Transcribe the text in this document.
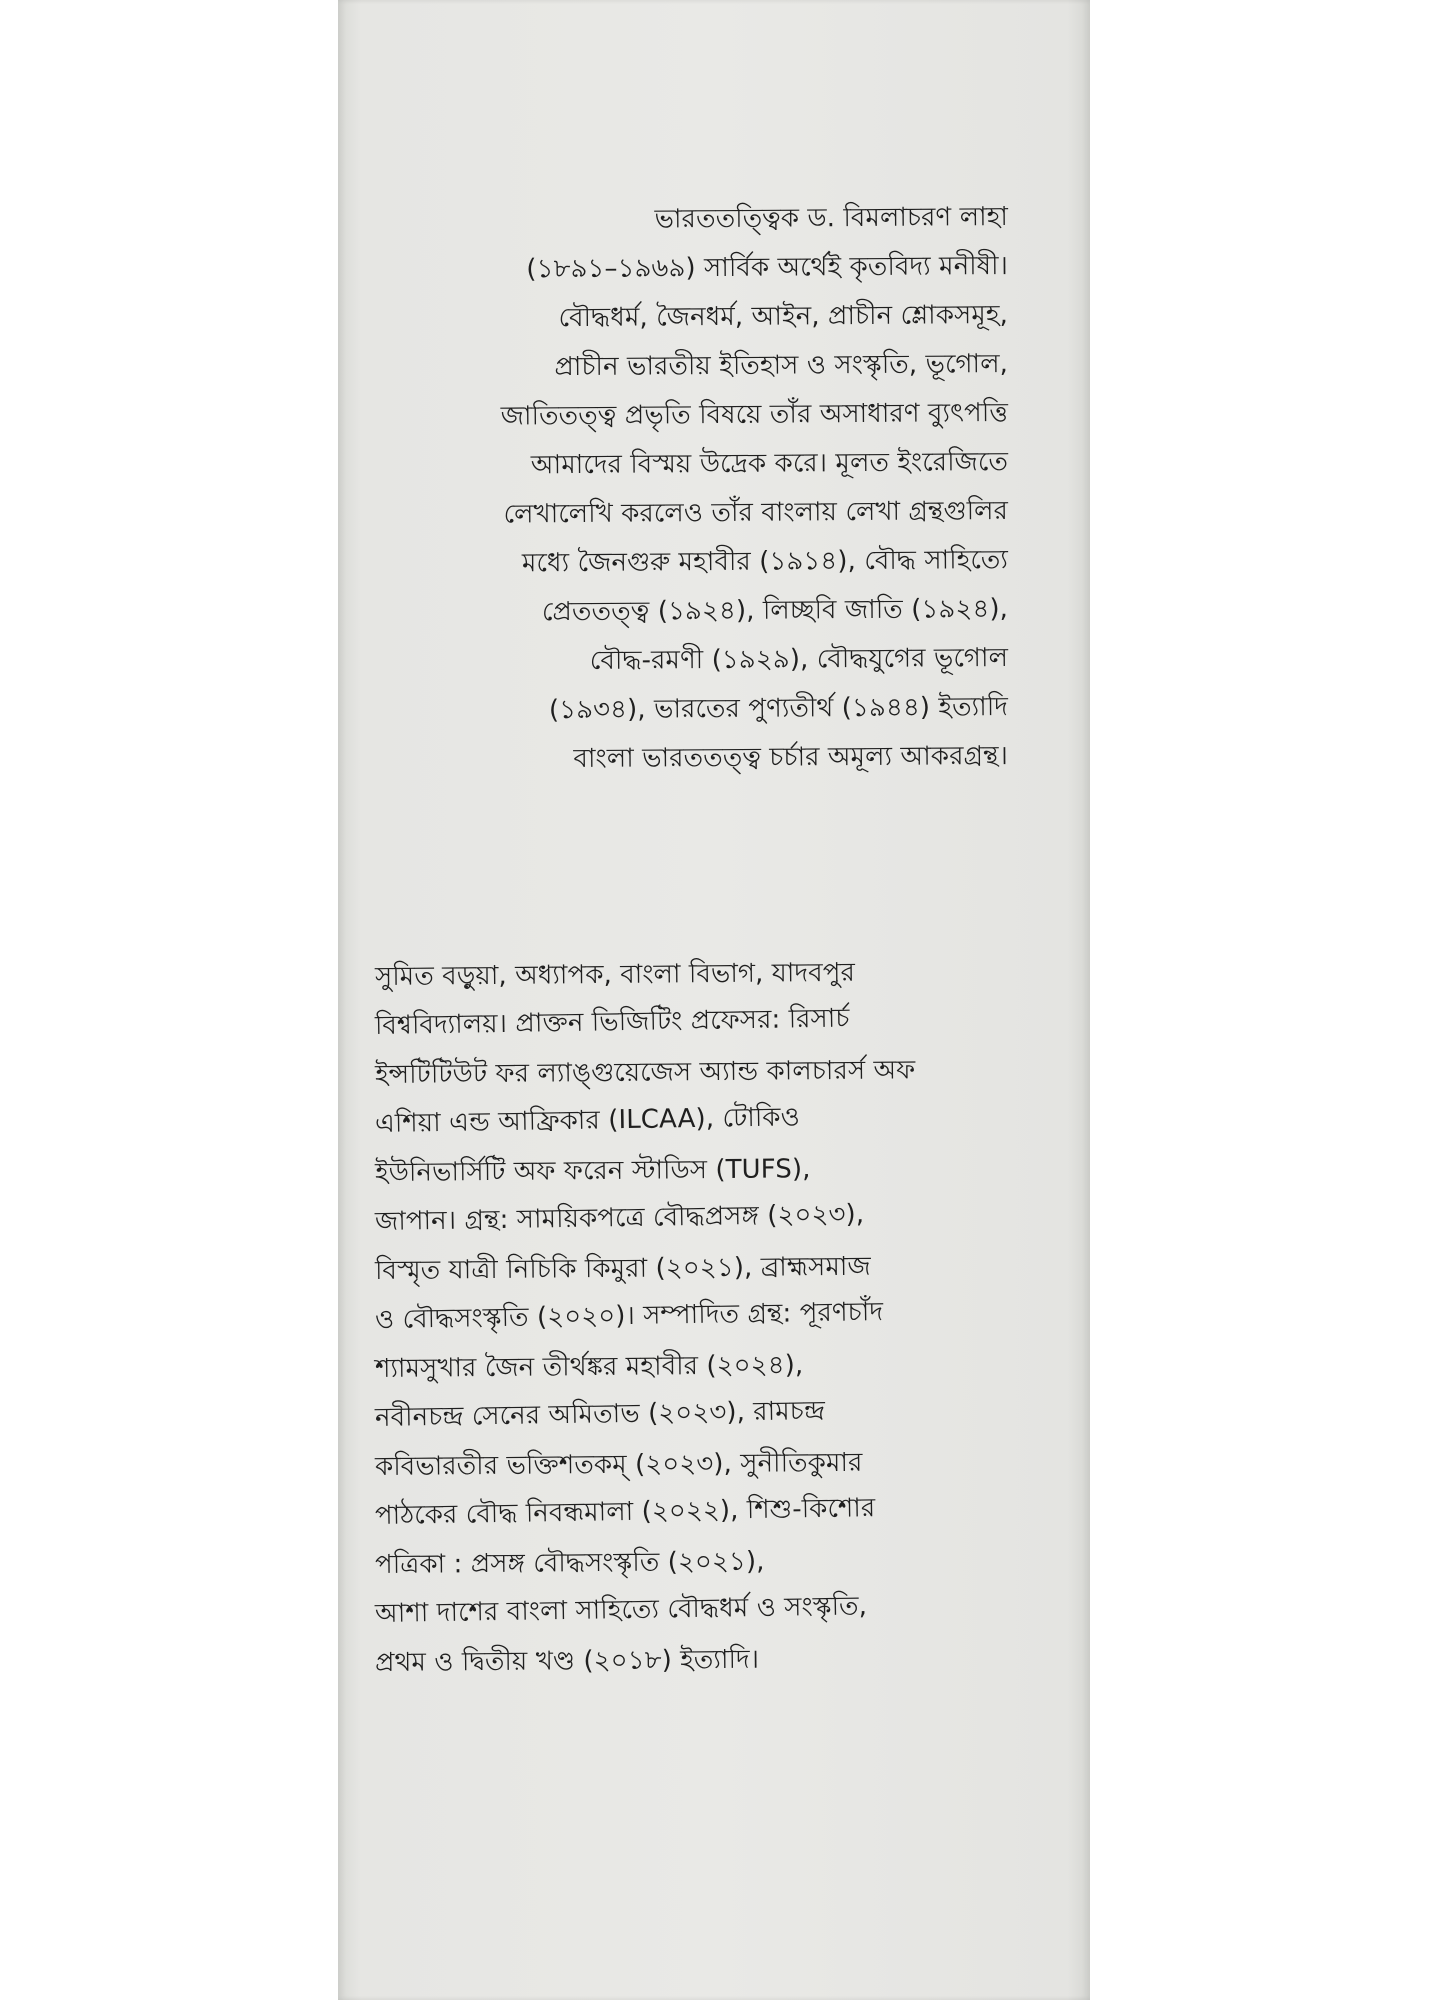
ভারততত্ত্বিক ড. বিমলাচরণ লাহা
(১৮৯১–১৯৬৯) সার্বিক অর্থেই কৃতবিদ্য মনীষী।
বৌদ্ধধর্ম, জৈনধর্ম, আইন, প্রাচীন শ্লোকসমূহ,
প্রাচীন ভারতীয় ইতিহাস ও সংস্কৃতি, ভূগোল,
জাতিতত্ত্ব প্রভৃতি বিষয়ে তাঁর অসাধারণ ব্যুৎপত্তি
আমাদের বিস্ময় উদ্রেক করে। মূলত ইংরেজিতে
লেখালেখি করলেও তাঁর বাংলায় লেখা গ্রন্থগুলির
মধ্যে জৈনগুরু মহাবীর (১৯১৪), বৌদ্ধ সাহিত্যে
প্রেততত্ত্ব (১৯২৪), লিচ্ছবি জাতি (১৯২৪),
বৌদ্ধ-রমণী (১৯২৯), বৌদ্ধযুগের ভূগোল
(১৯৩৪), ভারতের পুণ্যতীর্থ (১৯৪৪) ইত্যাদি
বাংলা ভারততত্ত্ব চর্চার অমূল্য আকরগ্রন্থ।
সুমিত বড়ুয়া, অধ্যাপক, বাংলা বিভাগ, যাদবপুর
বিশ্ববিদ্যালয়। প্রাক্তন ভিজিটিং প্রফেসর: রিসার্চ
ইন্সটিটিউট ফর ল্যাঙ্গুয়েজেস অ্যান্ড কালচারর্স অফ
এশিয়া এন্ড আফ্রিকার (ILCAA), টোকিও
ইউনিভার্সিটি অফ ফরেন স্টাডিস (TUFS),
জাপান। গ্রন্থ: সাময়িকপত্রে বৌদ্ধপ্রসঙ্গ (২০২৩),
বিস্মৃত যাত্রী নিচিকি কিমুরা (২০২১), ব্রাহ্মসমাজ
ও বৌদ্ধসংস্কৃতি (২০২০)। সম্পাদিত গ্রন্থ: পূরণচাঁদ
শ্যামসুখার জৈন তীর্থঙ্কর মহাবীর (২০২৪),
নবীনচন্দ্র সেনের অমিতাভ (২০২৩), রামচন্দ্র
কবিভারতীর ভক্তিশতকম্ (২০২৩), সুনীতিকুমার
পাঠকের বৌদ্ধ নিবন্ধমালা (২০২২), শিশু-কিশোর
পত্রিকা : প্রসঙ্গ বৌদ্ধসংস্কৃতি (২০২১),
আশা দাশের বাংলা সাহিত্যে বৌদ্ধধর্ম ও সংস্কৃতি,
প্রথম ও দ্বিতীয় খণ্ড (২০১৮) ইত্যাদি।
